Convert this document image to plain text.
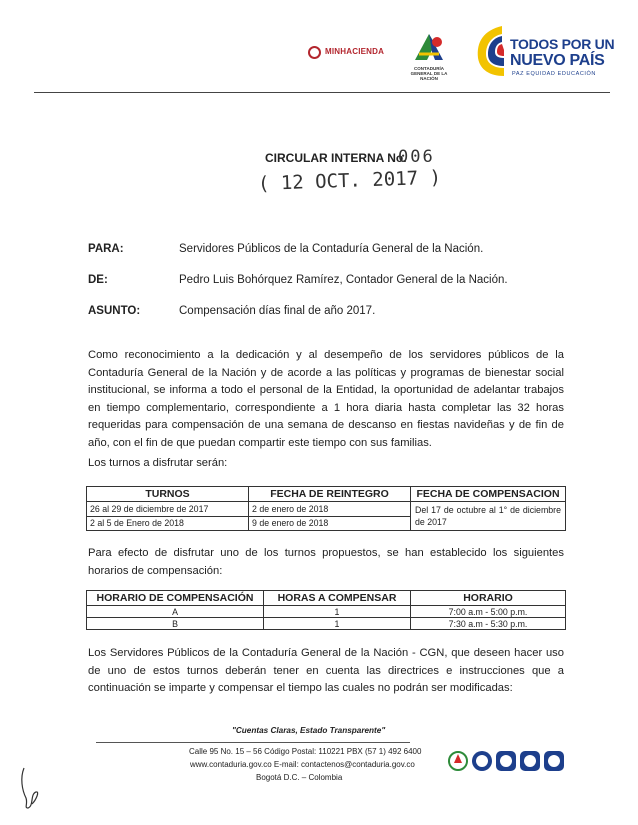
MINHACIENDA
CONTADURÍA
GENERAL DE LA NACIÓN
TODOS POR UN
NUEVO PAÍS
PAZ EQUIDAD EDUCACIÓN
CIRCULAR INTERNA No.
006
( 12 OCT. 2017 )
PARA:	Servidores Públicos de la Contaduría General de la Nación.
DE:	Pedro Luis Bohórquez Ramírez, Contador General de la Nación.
ASUNTO:	Compensación días final de año 2017.
Como reconocimiento a la dedicación y al desempeño de los servidores públicos de la Contaduría General de la Nación y de acorde a las políticas y programas de bienestar social institucional, se informa a todo el personal de la Entidad, la oportunidad de adelantar trabajos en tiempo complementario, correspondiente a 1 hora diaria hasta completar las 32 horas requeridas para compensación de una semana de descanso en fiestas navideñas y de fin de año, con el fin de que puedan compartir este tiempo con sus familias.
Los turnos a disfrutar serán:
TURNOS	FECHA DE REINTEGRO	FECHA DE COMPENSACION
26 al 29 de diciembre de 2017	2 de enero de 2018	Del 17 de octubre al 1° de diciembre de 2017
2 al 5 de Enero de 2018	9 de enero de 2018	
Para efecto de disfrutar uno de los turnos propuestos, se han establecido los siguientes horarios de compensación:
HORARIO DE COMPENSACIÓN	HORAS A COMPENSAR	HORARIO
A	1	7:00 a.m - 5:00 p.m.
B	1	7:30 a.m - 5:30 p.m.
Los Servidores Públicos de la Contaduría General de la Nación - CGN, que deseen hacer uso de uno de estos turnos deberán tener en cuenta las directrices e instrucciones que a continuación se imparte y compensar el tiempo las cuales no podrán ser modificadas:
"Cuentas Claras, Estado Transparente"
Calle 95 No. 15 – 56 Código Postal: 110221 PBX (57 1) 492 6400
www.contaduria.gov.co E-mail: contactenos@contaduria.gov.co
Bogotá D.C. – Colombia
